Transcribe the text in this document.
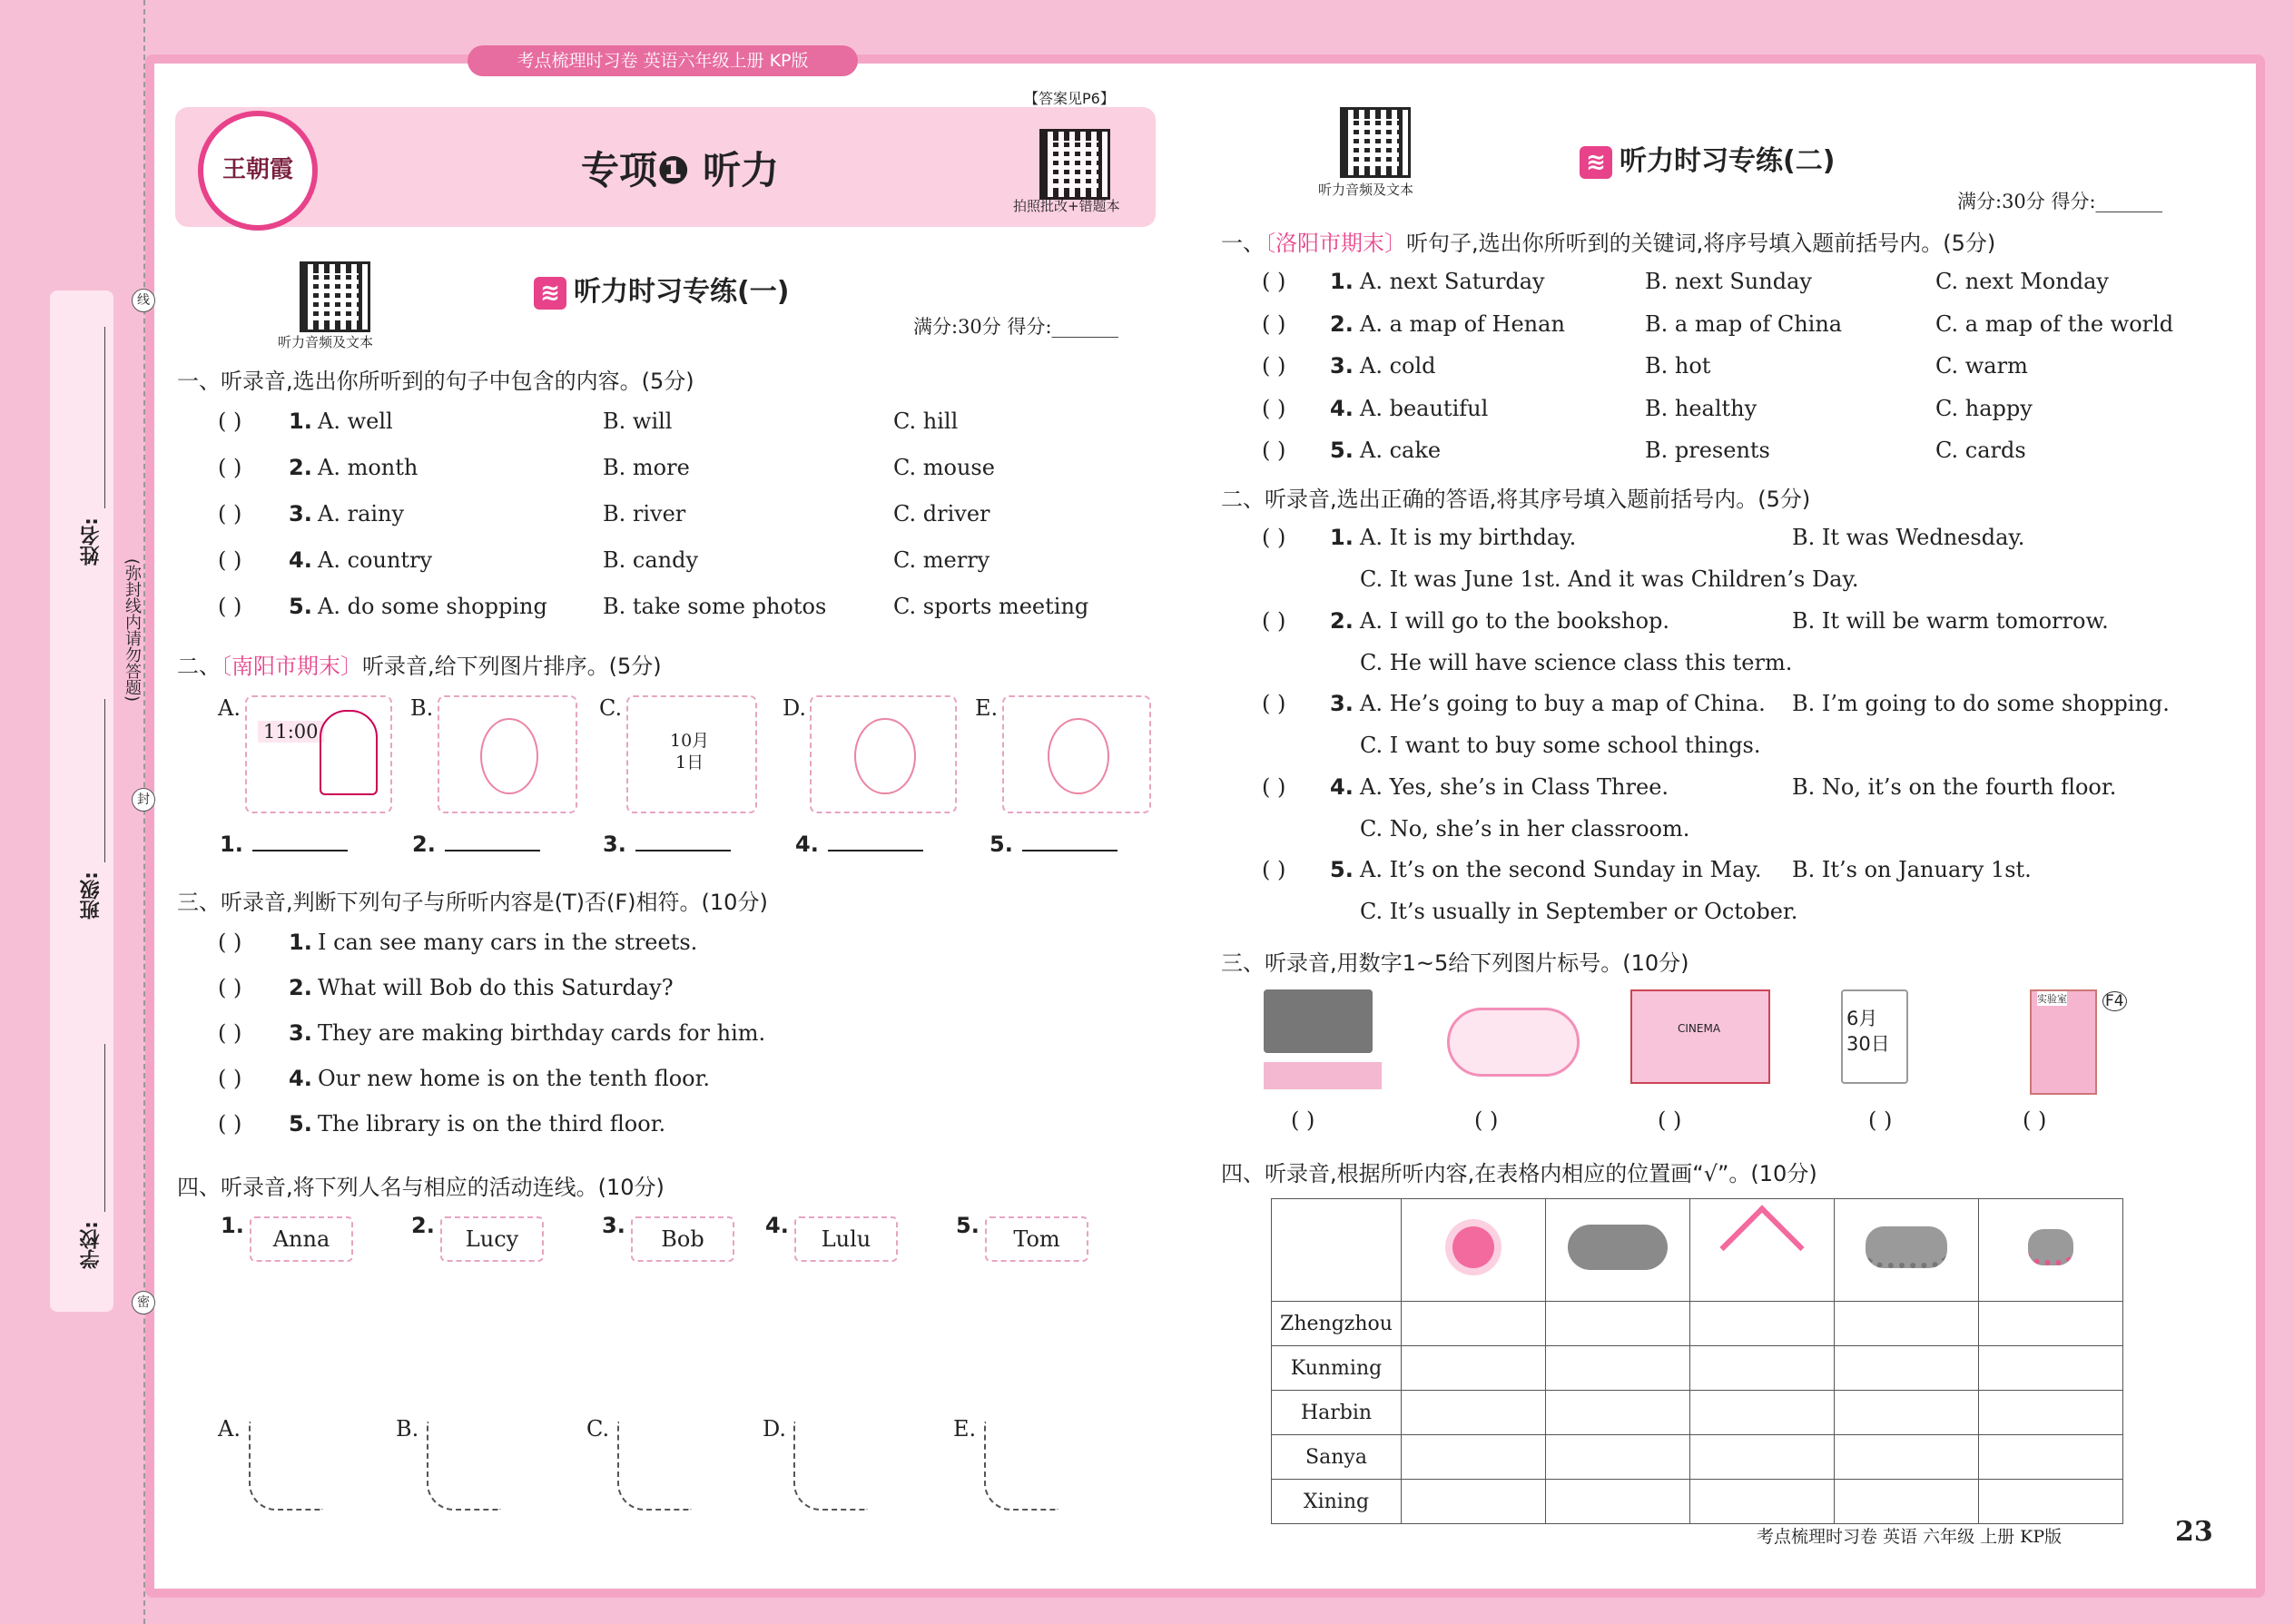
姓名:
班级:
学校:
线
封
密
(弥封线内请勿答题)
考点梳理时习卷 英语六年级上册 KP版
王朝霞	专项❶ 听力
【答案见P6】
拍照批改+错题本
听力音频及文本
≋ 听力时习专练(一)
满分:30分 得分:_______
一、听录音,选出你所听到的句子中包含的内容。(5分)
二、〔南阳市期末〕听录音,给下列图片排序。(5分)
三、听录音,判断下列句子与所听内容是(T)否(F)相符。(10分)
四、听录音,将下列人名与相应的活动连线。(10分)
听力音频及文本
≋ 听力时习专练(二)
满分:30分 得分:_______
一、〔洛阳市期末〕听句子,选出你所听到的关键词,将序号填入题前括号内。(5分)
二、听录音,选出正确的答语,将其序号填入题前括号内。(5分)
三、听录音,用数字1~5给下列图片标号。(10分)
四、听录音,根据所听内容,在表格内相应的位置画“√”。(10分)

Zhengzhou					
Kunming					
Harbin					
Sanya					
Xining					
考点梳理时习卷 英语 六年级 上册 KP版	23
( ) 1. A. well	B. will	C. hill
( ) 2. A. month	B. more	C. mouse
( ) 3. A. rainy	B. river	C. driver
( ) 4. A. country	B. candy	C. merry
( ) 5. A. do some shopping	B. take some photos	C. sports meeting
A.
11:00
B.	C.
10月
1日
D.	E.
1.	2.	3.	4.	5.
( ) 1. I can see many cars in the streets.
( ) 2. What will Bob do this Saturday?
( ) 3. They are making birthday cards for him.
( ) 4. Our new home is on the tenth floor.
( ) 5. The library is on the third floor.
1.
Anna
2.
Lucy
3.
Bob
4.
Lulu
5.
Tom
A.	B.	C.	D.	E.
( ) 1. A. next Saturday	B. next Sunday	C. next Monday
( ) 2. A. a map of Henan	B. a map of China	C. a map of the world
( ) 3. A. cold	B. hot	C. warm
( ) 4. A. beautiful	B. healthy	C. happy
( ) 5. A. cake	B. presents	C. cards
( ) 1. A. It is my birthday.	B. It was Wednesday.
C. It was June 1st. And it was Children’s Day.
( ) 2. A. I will go to the bookshop.	B. It will be warm tomorrow.
C. He will have science class this term.
( ) 3. A. He’s going to buy a map of China. B. I’m going to do some shopping.
C. I want to buy some school things.
( ) 4. A. Yes, she’s in Class Three.	B. No, it’s on the fourth floor.
C. No, she’s in her classroom.
( ) 5. A. It’s on the second Sunday in May. B. It’s on January 1st.
C. It’s usually in September or October.
( )	( )
CINEMA
( )
6月
30日
( )
实验室 F4
( )
